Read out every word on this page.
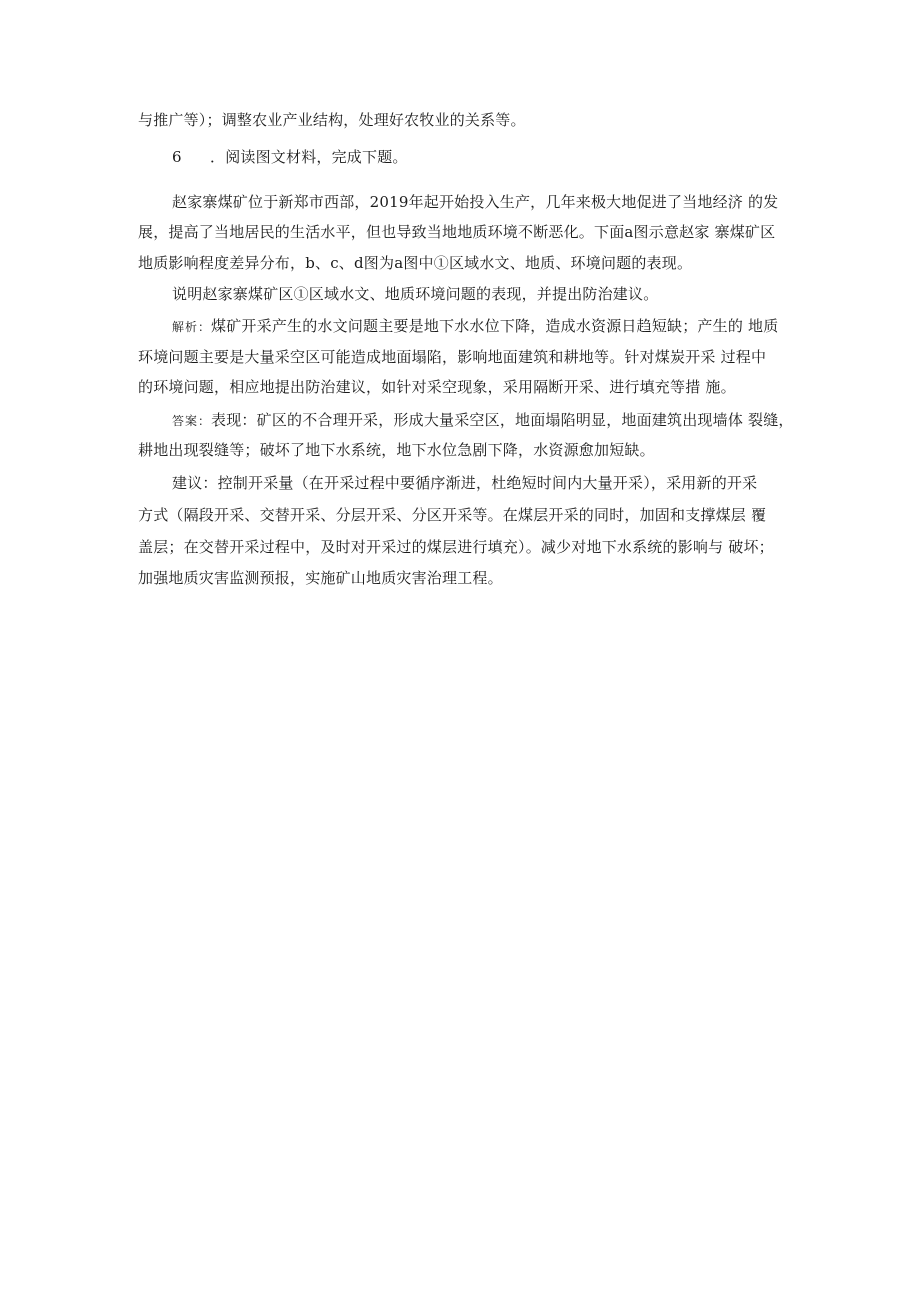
与推广等）；调整农业产业结构，处理好农牧业的关系等。
6 ．阅读图文材料，完成下题。
赵家寨煤矿位于新郑市西部，2019年起开始投入生产，几年来极大地促进了当地经济 的发
展，提高了当地居民的生活水平，但也导致当地地质环境不断恶化。下面a图示意赵家 寨煤矿区
地质影响程度差异分布，b、c、d图为a图中①区域水文、地质、环境问题的表现。
说明赵家寨煤矿区①区域水文、地质环境问题的表现，并提出防治建议。
解析：煤矿开采产生的水文问题主要是地下水水位下降，造成水资源日趋短缺；产生的 地质
环境问题主要是大量采空区可能造成地面塌陷，影响地面建筑和耕地等。针对煤炭开采 过程中
的环境问题，相应地提出防治建议，如针对采空现象，采用隔断开采、进行填充等措 施。
答案：表现：矿区的不合理开采，形成大量采空区，地面塌陷明显，地面建筑出现墙体 裂缝，
耕地出现裂缝等；破坏了地下水系统，地下水位急剧下降，水资源愈加短缺。
建议：控制开采量（在开采过程中要循序渐进，杜绝短时间内大量开采），采用新的开采
方式（隔段开采、交替开采、分层开采、分区开采等。在煤层开采的同时，加固和支撑煤层 覆
盖层；在交替开采过程中，及时对开采过的煤层进行填充）。减少对地下水系统的影响与 破坏；
加强地质灾害监测预报，实施矿山地质灾害治理工程。
